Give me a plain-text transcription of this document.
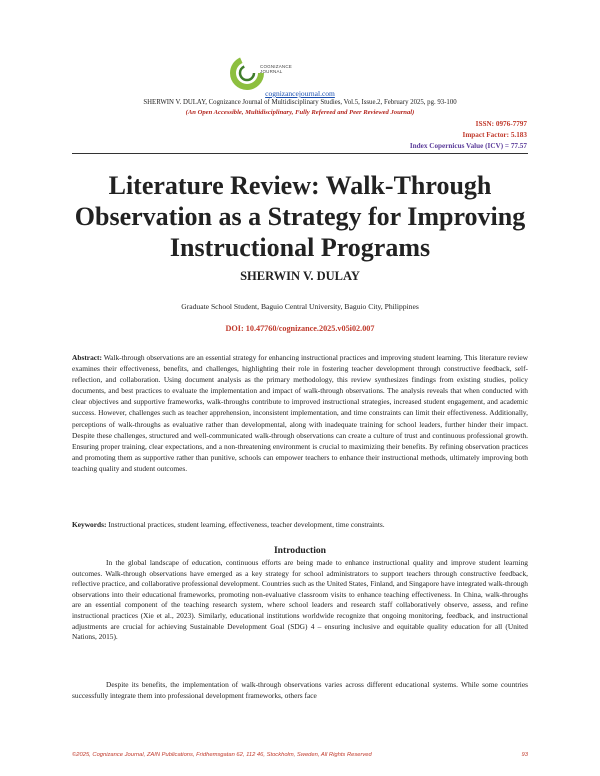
COGNIZANCE
JOURNAL
cognizancejournal.com
SHERWIN V. DULAY, Cognizance Journal of Multidisciplinary Studies, Vol.5, Issue.2, February 2025, pg. 93-100
(An Open Accessible, Multidisciplinary, Fully Refereed and Peer Reviewed Journal)
ISSN: 0976-7797
Impact Factor: 5.183
Index Copernicus Value (ICV) = 77.57
Literature Review: Walk-Through Observation as a Strategy for Improving Instructional Programs
SHERWIN V. DULAY
Graduate School Student, Baguio Central University, Baguio City, Philippines
DOI: 10.47760/cognizance.2025.v05i02.007

Abstract: Walk-through observations are an essential strategy for enhancing instructional practices and improving student learning. This literature review examines their effectiveness, benefits, and challenges, highlighting their role in fostering teacher development through constructive feedback, self-reflection, and collaboration. Using document analysis as the primary methodology, this review synthesizes findings from existing studies, policy documents, and best practices to evaluate the implementation and impact of walk-through observations. The analysis reveals that when conducted with clear objectives and supportive frameworks, walk-throughs contribute to improved instructional strategies, increased student engagement, and academic success. However, challenges such as teacher apprehension, inconsistent implementation, and time constraints can limit their effectiveness. Additionally, perceptions of walk-throughs as evaluative rather than developmental, along with inadequate training for school leaders, further hinder their impact. Despite these challenges, structured and well-communicated walk-through observations can create a culture of trust and continuous professional growth. Ensuring proper training, clear expectations, and a non-threatening environment is crucial to maximizing their benefits. By refining observation practices and promoting them as supportive rather than punitive, schools can empower teachers to enhance their instructional methods, ultimately improving both teaching quality and student outcomes.

Keywords: Instructional practices, student learning, effectiveness, teacher development, time constraints.

Introduction

In the global landscape of education, continuous efforts are being made to enhance instructional quality and improve student learning outcomes. Walk-through observations have emerged as a key strategy for school administrators to support teachers through constructive feedback, reflective practice, and collaborative professional development. Countries such as the United States, Finland, and Singapore have integrated walk-through observations into their educational frameworks, promoting non-evaluative classroom visits to enhance teaching effectiveness. In China, walk-throughs are an essential component of the teaching research system, where school leaders and research staff collaboratively observe, assess, and refine instructional practices (Xie et al., 2023). Similarly, educational institutions worldwide recognize that ongoing monitoring, feedback, and instructional adjustments are crucial for achieving Sustainable Development Goal (SDG) 4 – ensuring inclusive and equitable quality education for all (United Nations, 2015).

Despite its benefits, the implementation of walk-through observations varies across different educational systems. While some countries successfully integrate them into professional development frameworks, others face

©2025, Cognizance Journal, ZAIN Publications, Fridhemsgatan 62, 112 46, Stockholm, Sweden, All Rights Reserved	93
